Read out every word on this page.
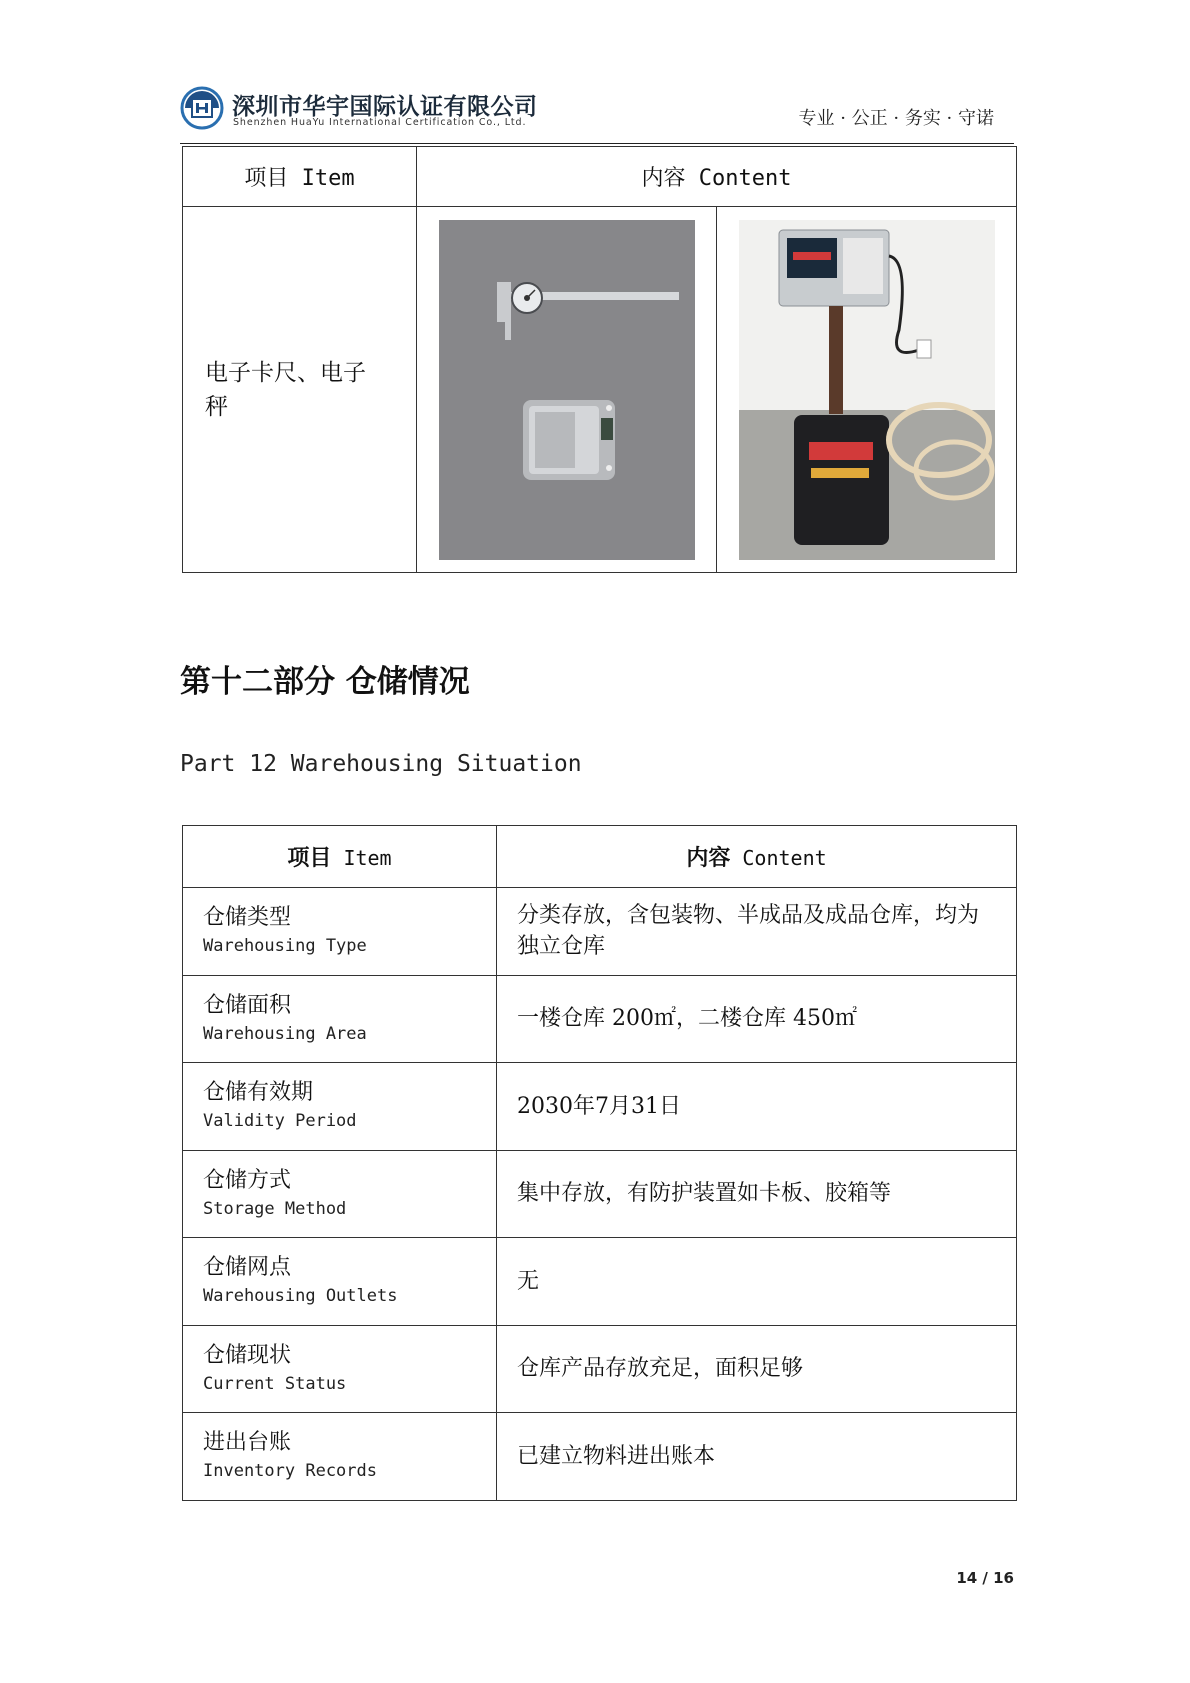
深圳市华宇国际认证有限公司
Shenzhen HuaYu International Certification Co., Ltd.	专业 · 公正 · 务实 · 守诺
项目 Item	内容 Content	

电子卡尺、电子秤

第十二部分 仓储情况
Part 12 Warehousing Situation
项目 Item	内容 Content

仓储类型
Warehousing Type	分类存放，含包装物、半成品及成品仓库，均为独立仓库

仓储面积
Warehousing Area	一楼仓库 200㎡，二楼仓库 450㎡

仓储有效期
Validity Period	2030年7月31日

仓储方式
Storage Method	集中存放，有防护装置如卡板、胶箱等

仓储网点
Warehousing Outlets	无

仓储现状
Current Status	仓库产品存放充足，面积足够

进出台账
Inventory Records	已建立物料进出账本
14 / 16
